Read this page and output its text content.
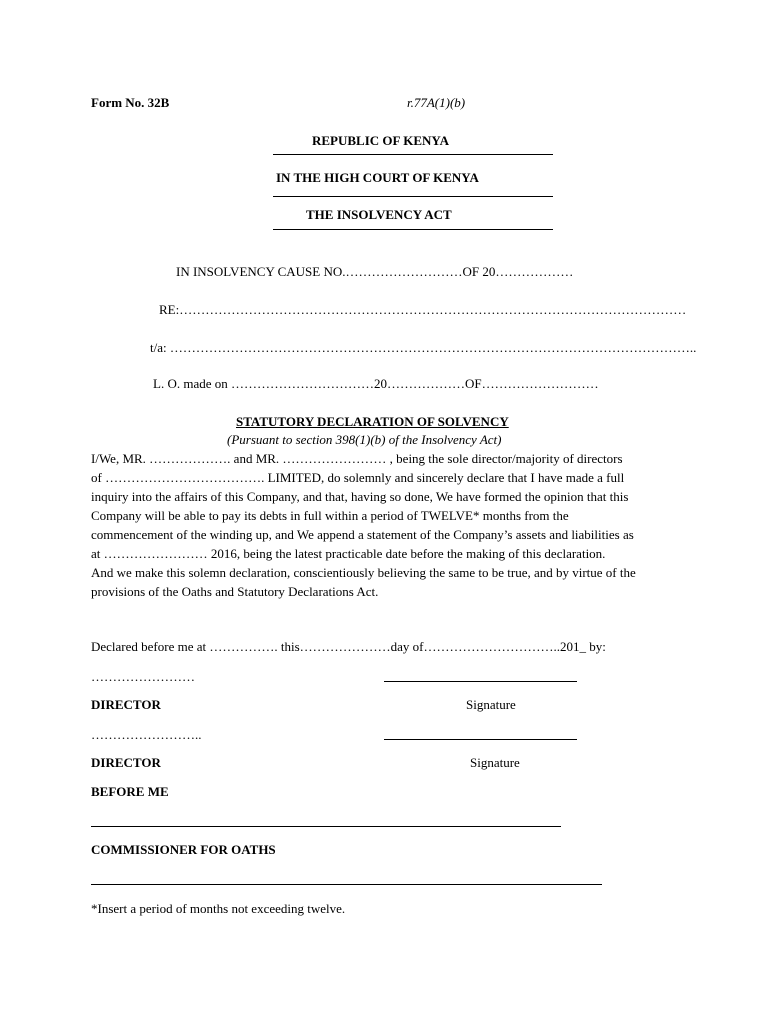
Form No. 32B	r.77A(1)(b)
REPUBLIC OF KENYA
IN THE HIGH COURT OF KENYA
THE INSOLVENCY ACT
IN INSOLVENCY CAUSE NO.………………………OF 20………………
RE:………………………………………………………………………………………………………
t/a: …………………………………………………………………………………………………………..
L. O. made on ……………………………20………………OF………………………
STATUTORY DECLARATION OF SOLVENCY
(Pursuant to section 398(1)(b) of the Insolvency Act)
I/We, MR. ………………. and MR. …………………… , being the sole director/majority of directors
of ………………………………. LIMITED, do solemnly and sincerely declare that I have made a full
inquiry into the affairs of this Company, and that, having so done, We have formed the opinion that this
Company will be able to pay its debts in full within a period of TWELVE* months from the
commencement of the winding up, and We append a statement of the Company’s assets and liabilities as
at …………………… 2016, being the latest practicable date before the making of this declaration.
And we make this solemn declaration, conscientiously believing the same to be true, and by virtue of the
provisions of the Oaths and Statutory Declarations Act.
Declared before me at ……………. this…………………day of…………………………..201_ by:
……………………
DIRECTOR	Signature
……………………..
DIRECTOR	Signature
BEFORE ME
COMMISSIONER FOR OATHS
*Insert a period of months not exceeding twelve.
